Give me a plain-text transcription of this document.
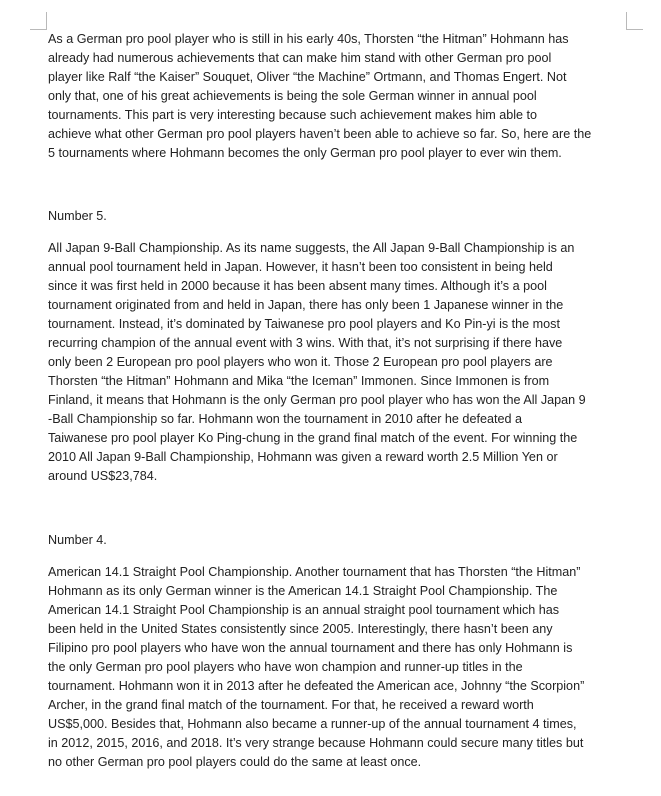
As a German pro pool player who is still in his early 40s, Thorsten “the Hitman” Hohmann has
already had numerous achievements that can make him stand with other German pro pool
player like Ralf “the Kaiser” Souquet, Oliver “the Machine” Ortmann, and Thomas Engert. Not
only that, one of his great achievements is being the sole German winner in annual pool
tournaments. This part is very interesting because such achievement makes him able to
achieve what other German pro pool players haven’t been able to achieve so far. So, here are the
5 tournaments where Hohmann becomes the only German pro pool player to ever win them.

Number 5.

All Japan 9-Ball Championship. As its name suggests, the All Japan 9-Ball Championship is an
annual pool tournament held in Japan. However, it hasn’t been too consistent in being held
since it was first held in 2000 because it has been absent many times. Although it’s a pool
tournament originated from and held in Japan, there has only been 1 Japanese winner in the
tournament. Instead, it’s dominated by Taiwanese pro pool players and Ko Pin-yi is the most
recurring champion of the annual event with 3 wins. With that, it’s not surprising if there have
only been 2 European pro pool players who won it. Those 2 European pro pool players are
Thorsten “the Hitman” Hohmann and Mika “the Iceman” Immonen. Since Immonen is from
Finland, it means that Hohmann is the only German pro pool player who has won the All Japan 9
-Ball Championship so far. Hohmann won the tournament in 2010 after he defeated a
Taiwanese pro pool player Ko Ping-chung in the grand final match of the event. For winning the
2010 All Japan 9-Ball Championship, Hohmann was given a reward worth 2.5 Million Yen or
around US$23,784.

Number 4.

American 14.1 Straight Pool Championship. Another tournament that has Thorsten “the Hitman”
Hohmann as its only German winner is the American 14.1 Straight Pool Championship. The
American 14.1 Straight Pool Championship is an annual straight pool tournament which has
been held in the United States consistently since 2005. Interestingly, there hasn’t been any
Filipino pro pool players who have won the annual tournament and there has only Hohmann is
the only German pro pool players who have won champion and runner-up titles in the
tournament. Hohmann won it in 2013 after he defeated the American ace, Johnny “the Scorpion”
Archer, in the grand final match of the tournament. For that, he received a reward worth
US$5,000. Besides that, Hohmann also became a runner-up of the annual tournament 4 times,
in 2012, 2015, 2016, and 2018. It’s very strange because Hohmann could secure many titles but
no other German pro pool players could do the same at least once.
